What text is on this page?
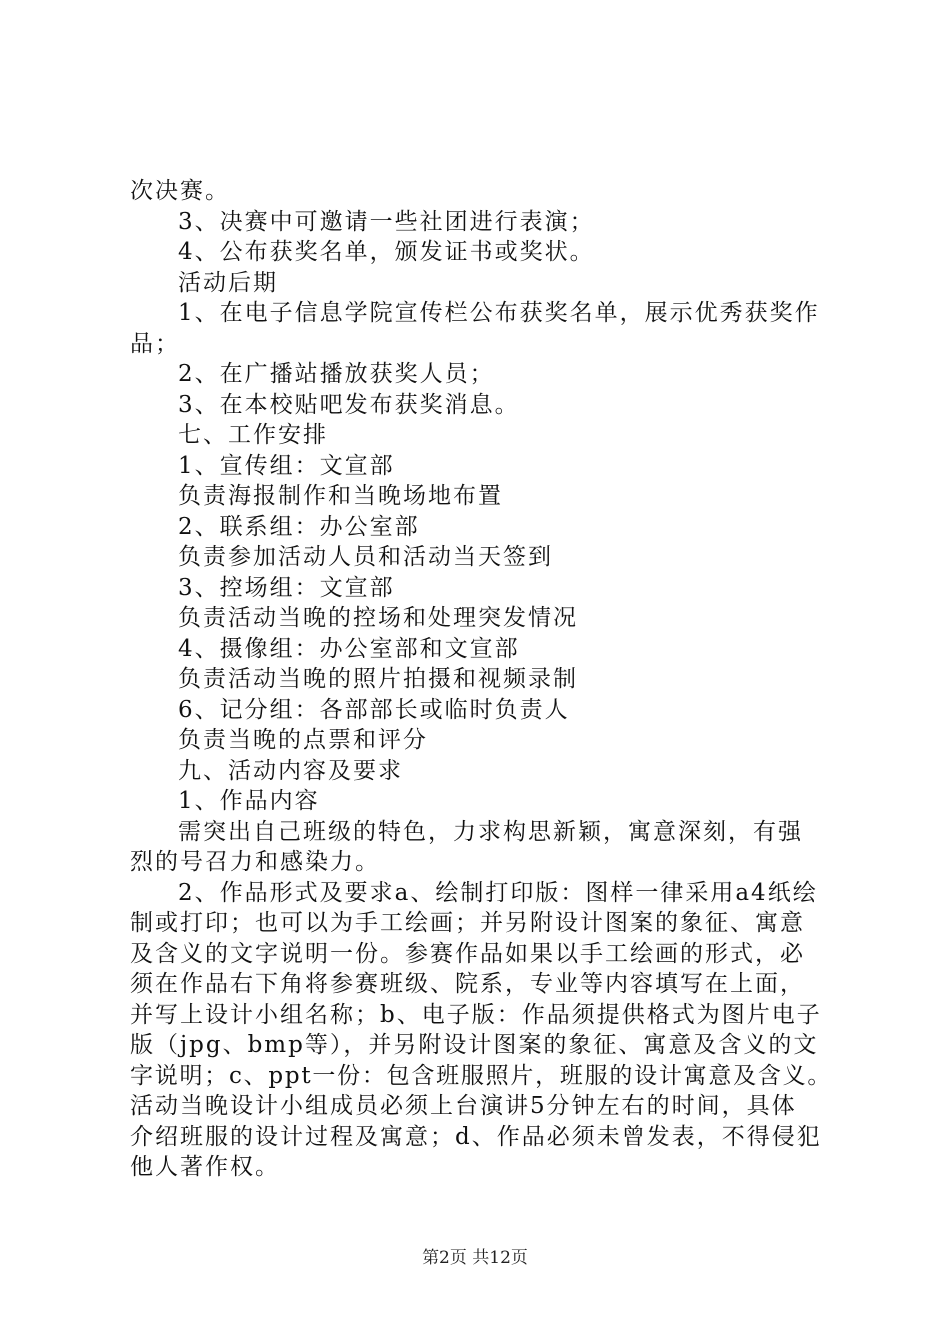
次决赛。
3、决赛中可邀请一些社团进行表演；
4、公布获奖名单，颁发证书或奖状。
活动后期
1、在电子信息学院宣传栏公布获奖名单，展示优秀获奖作
品；
2、在广播站播放获奖人员；
3、在本校贴吧发布获奖消息。
七、工作安排
1、宣传组：文宣部
负责海报制作和当晚场地布置
2、联系组：办公室部
负责参加活动人员和活动当天签到
3、控场组：文宣部
负责活动当晚的控场和处理突发情况
4、摄像组：办公室部和文宣部
负责活动当晚的照片拍摄和视频录制
6、记分组：各部部长或临时负责人
负责当晚的点票和评分
九、活动内容及要求
1、作品内容
需突出自己班级的特色，力求构思新颖，寓意深刻，有强
烈的号召力和感染力。
2、作品形式及要求a、绘制打印版：图样一律采用a4纸绘
制或打印；也可以为手工绘画；并另附设计图案的象征、寓意
及含义的文字说明一份。参赛作品如果以手工绘画的形式，必
须在作品右下角将参赛班级、院系，专业等内容填写在上面，
并写上设计小组名称；b、电子版：作品须提供格式为图片电子
版（jpg、bmp等），并另附设计图案的象征、寓意及含义的文
字说明；c、ppt一份：包含班服照片，班服的设计寓意及含义。
活动当晚设计小组成员必须上台演讲5分钟左右的时间，具体
介绍班服的设计过程及寓意；d、作品必须未曾发表，不得侵犯
他人著作权。
第2页 共12页
